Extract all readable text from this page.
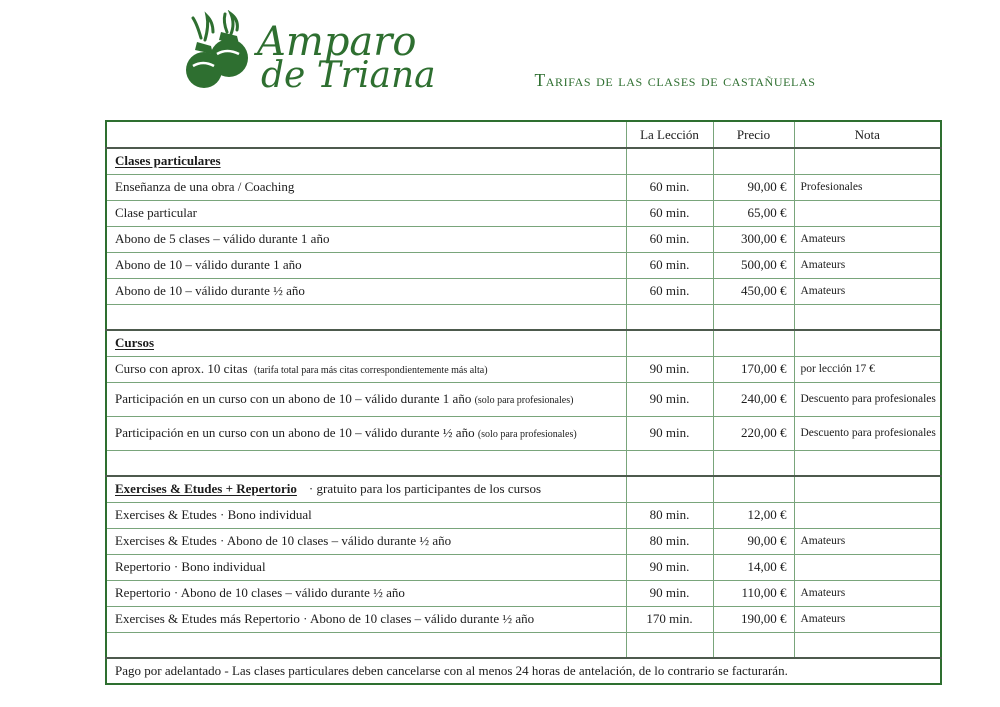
Amparo
de Triana	Tarifas de las clases de castañuelas
	La Lección	Precio	Nota
Clases particulares			
Enseñanza de una obra / Coaching	60 min.	90,00 €	Profesionales
Clase particular	60 min.	65,00 €	
Abono de 5 clases – válido durante 1 año	60 min.	300,00 €	Amateurs
Abono de 10 – válido durante 1 año	60 min.	500,00 €	Amateurs
Abono de 10 – válido durante ½ año	60 min.	450,00 €	Amateurs

Cursos			
Curso con aprox. 10 citas (tarifa total para más citas correspondientemente más alta)	90 min.	170,00 €	por lección 17 €
Participación en un curso con un abono de 10 – válido durante 1 año (solo para profesionales)	90 min.	240,00 €	Descuento para profesionales
Participación en un curso con un abono de 10 – válido durante ½ año (solo para profesionales)	90 min.	220,00 €	Descuento para profesionales

Exercises & Etudes + Repertorio · gratuito para los participantes de los cursos			
Exercises & Etudes · Bono individual	80 min.	12,00 €	
Exercises & Etudes · Abono de 10 clases – válido durante ½ año	80 min.	90,00 €	Amateurs
Repertorio · Bono individual	90 min.	14,00 €	
Repertorio · Abono de 10 clases – válido durante ½ año	90 min.	110,00 €	Amateurs
Exercises & Etudes más Repertorio · Abono de 10 clases – válido durante ½ año	170 min.	190,00 €	Amateurs

Pago por adelantado - Las clases particulares deben cancelarse con al menos 24 horas de antelación, de lo contrario se facturarán.			
